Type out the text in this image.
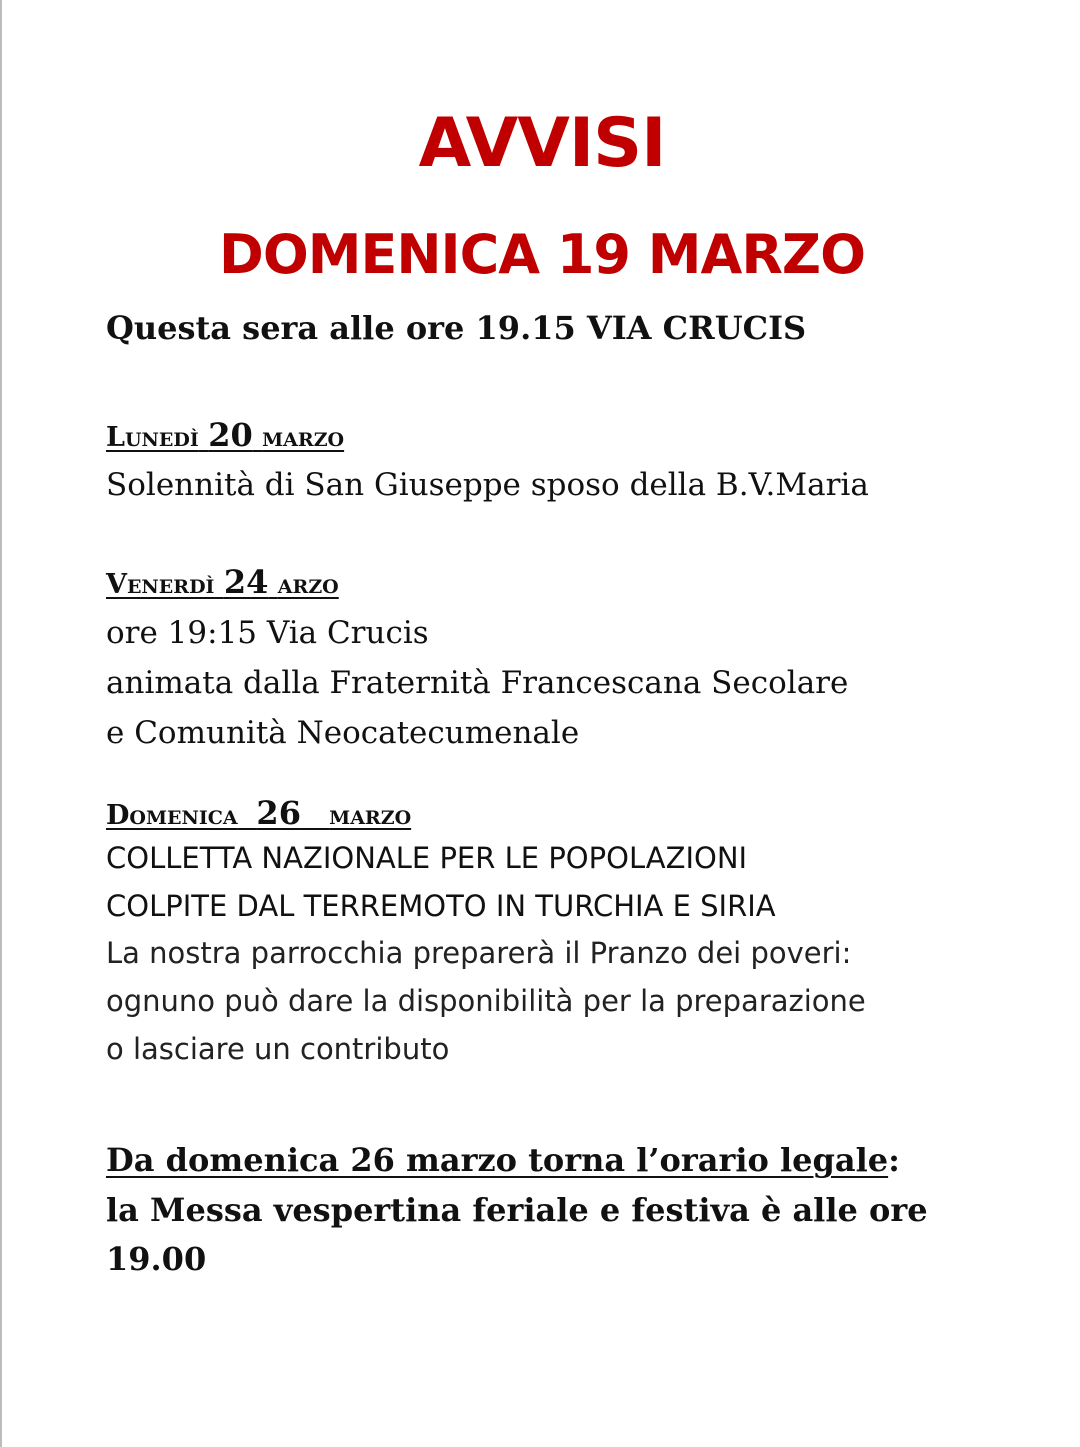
AVVISI
DOMENICA 19 MARZO

Questa sera alle ore 19.15 VIA CRUCIS

Lunedì 20 marzo

Solennità di San Giuseppe sposo della B.V.Maria

Venerdì 24 arzo

ore 19:15 Via Crucis

animata dalla Fraternità Francescana Secolare

e Comunità Neocatecumenale

Domenica 26 marzo

COLLETTA NAZIONALE PER LE POPOLAZIONI

COLPITE DAL TERREMOTO IN TURCHIA E SIRIA

La nostra parrocchia preparerà il Pranzo dei poveri:

ognuno può dare la disponibilità per la preparazione

o lasciare un contributo

Da domenica 26 marzo torna l’orario legale:

la Messa vespertina feriale e festiva è alle ore

19.00
